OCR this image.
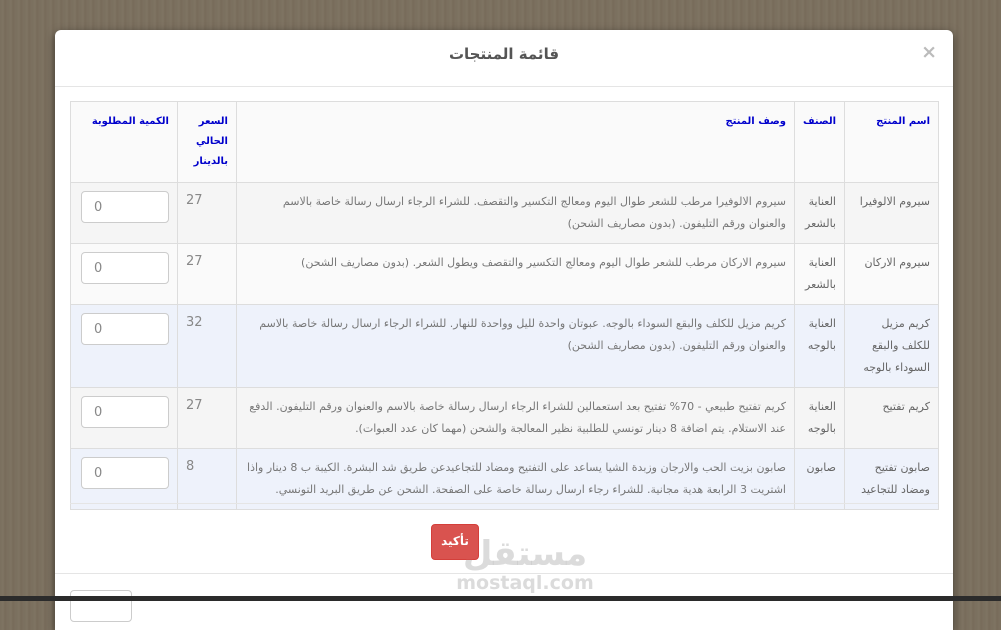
قائمة المنتجات	×
اسم المنتج	الصنف	وصف المنتج	السعر الحالي بالدينار	الكمية المطلوبة
سيروم الالوفيرا	العناية بالشعر	سيروم الالوفيرا مرطب للشعر طوال اليوم ومعالج التكسير والتقصف. للشراء الرجاء ارسال رسالة خاصة بالاسم والعنوان ورقم التليفون. (بدون مصاريف الشحن)	27	0
سيروم الاركان	العناية بالشعر	سيروم الاركان مرطب للشعر طوال اليوم ومعالج التكسير والتقصف ويطول الشعر. (بدون مصاريف الشحن)	27	0
كريم مزيل للكلف والبقع السوداء بالوجه	العناية بالوجه	كريم مزيل للكلف والبقع السوداء بالوجه. عبوتان واحدة لليل وواحدة للنهار. للشراء الرجاء ارسال رسالة خاصة بالاسم والعنوان ورقم التليفون. (بدون مصاريف الشحن)	32	0
كريم تفتيح	العناية بالوجه	كريم تفتيح طبيعي - 70% تفتيح بعد استعمالين للشراء الرجاء ارسال رسالة خاصة بالاسم والعنوان ورقم التليفون. الدفع عند الاستلام. يتم اضافة 8 دينار تونسي للطلبية نظير المعالجة والشحن (مهما كان عدد العبوات).	27	0
صابون تفتيح ومضاد للتجاعيد	صابون	صابون بزيت الحب والارجان وزبدة الشيا يساعد على التفتيح ومضاد للتجاعيدعن طريق شد البشرة. الكيبة ب 8 دينار واذا اشتريت 3 الرابعة هدية مجانية. للشراء رجاء ارسال رسالة خاصة على الصفحة. الشحن عن طريق البريد التونسي.	8	0
تأكيد
مستقل
mostaql.com
